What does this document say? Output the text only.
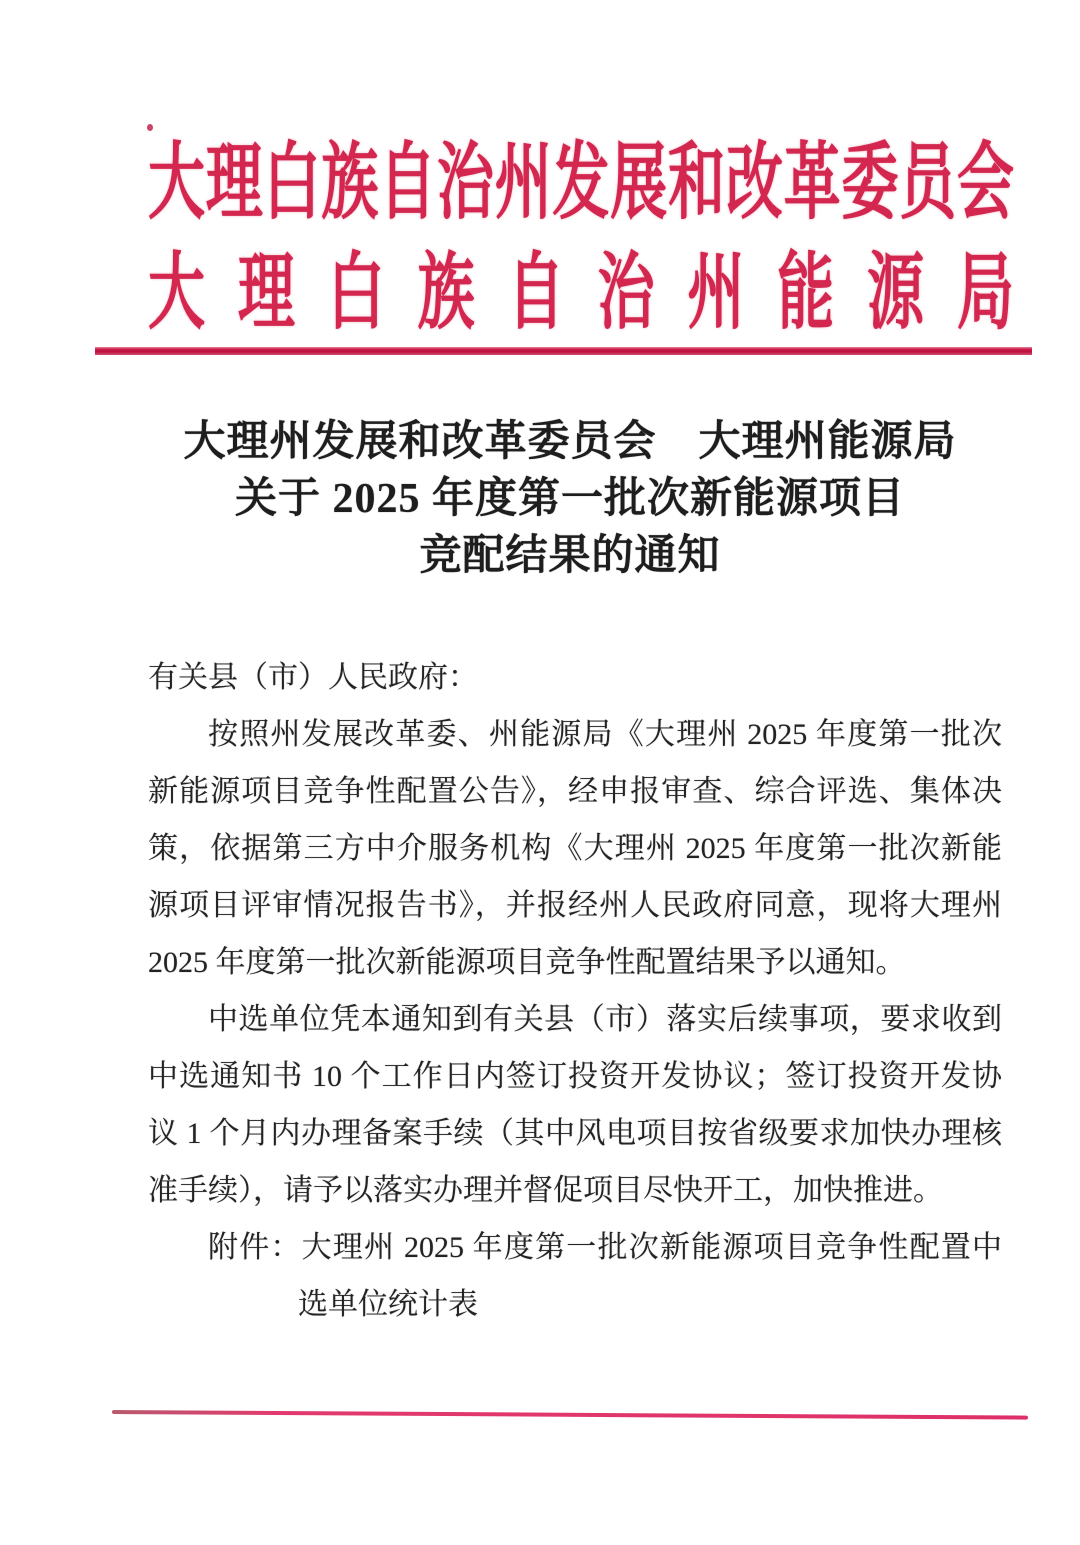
大理白族自治州发展和改革委员会
大理白族自治州能源局
大理州发展和改革委员会 大理州能源局
关于 2025 年度第一批次新能源项目
竞配结果的通知

有关县（市）人民政府：

按照州发展改革委、州能源局《大理州 2025 年度第一批次新能源项目竞争性配置公告》，经申报审查、综合评选、集体决策，依据第三方中介服务机构《大理州 2025 年度第一批次新能源项目评审情况报告书》，并报经州人民政府同意，现将大理州 2025 年度第一批次新能源项目竞争性配置结果予以通知。

中选单位凭本通知到有关县（市）落实后续事项，要求收到中选通知书 10 个工作日内签订投资开发协议；签订投资开发协议 1 个月内办理备案手续（其中风电项目按省级要求加快办理核准手续），请予以落实办理并督促项目尽快开工，加快推进。

附件：大理州 2025 年度第一批次新能源项目竞争性配置中选单位统计表
